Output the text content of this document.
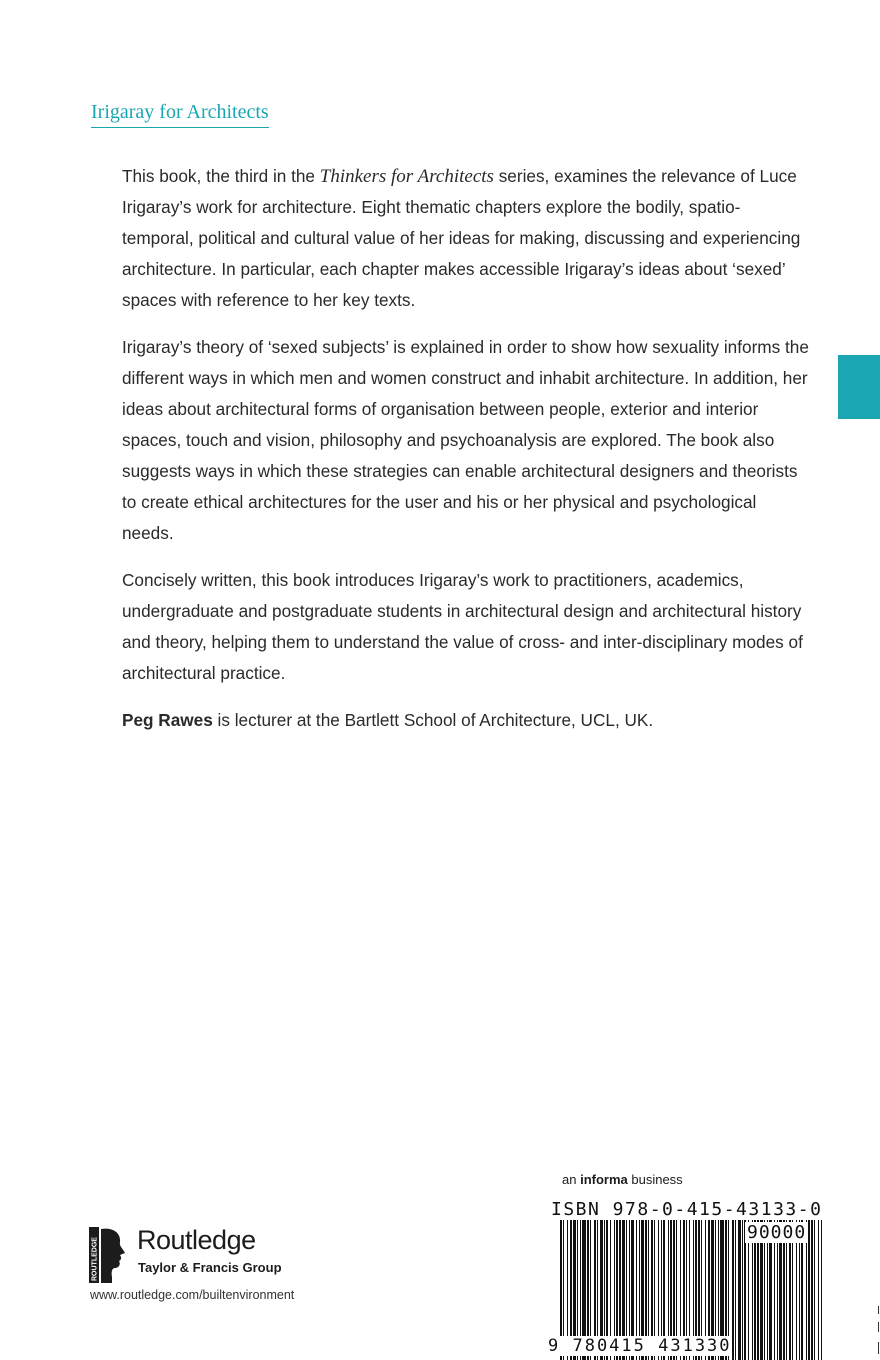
Irigaray for Architects

This book, the third in the Thinkers for Architects series, examines the relevance of Luce Irigaray’s work for architecture. Eight thematic chapters explore the bodily, spatio-temporal, political and cultural value of her ideas for making, discussing and experiencing architecture. In particular, each chapter makes accessible Irigaray’s ideas about ‘sexed’ spaces with reference to her key texts.

Irigaray’s theory of ‘sexed subjects’ is explained in order to show how sexuality informs the different ways in which men and women construct and inhabit architecture. In addition, her ideas about architectural forms of organisation between people, exterior and interior spaces, touch and vision, philosophy and psychoanalysis are explored. The book also suggests ways in which these strategies can enable architectural designers and theorists to create ethical architectures for the user and his or her physical and psychological needs.

Concisely written, this book introduces Irigaray’s work to practitioners, academics, undergraduate and postgraduate students in architectural design and architectural history and theory, helping them to understand the value of cross- and inter-disciplinary modes of architectural practice.

Peg Rawes is lecturer at the Bartlett School of Architecture, UCL, UK.

ROUTLEDGE Routledge
Taylor & Francis Group
www.routledge.com/builtenvironment
an informa business
ISBN 978-0-415-43133-0
90000
9 780415 431330
